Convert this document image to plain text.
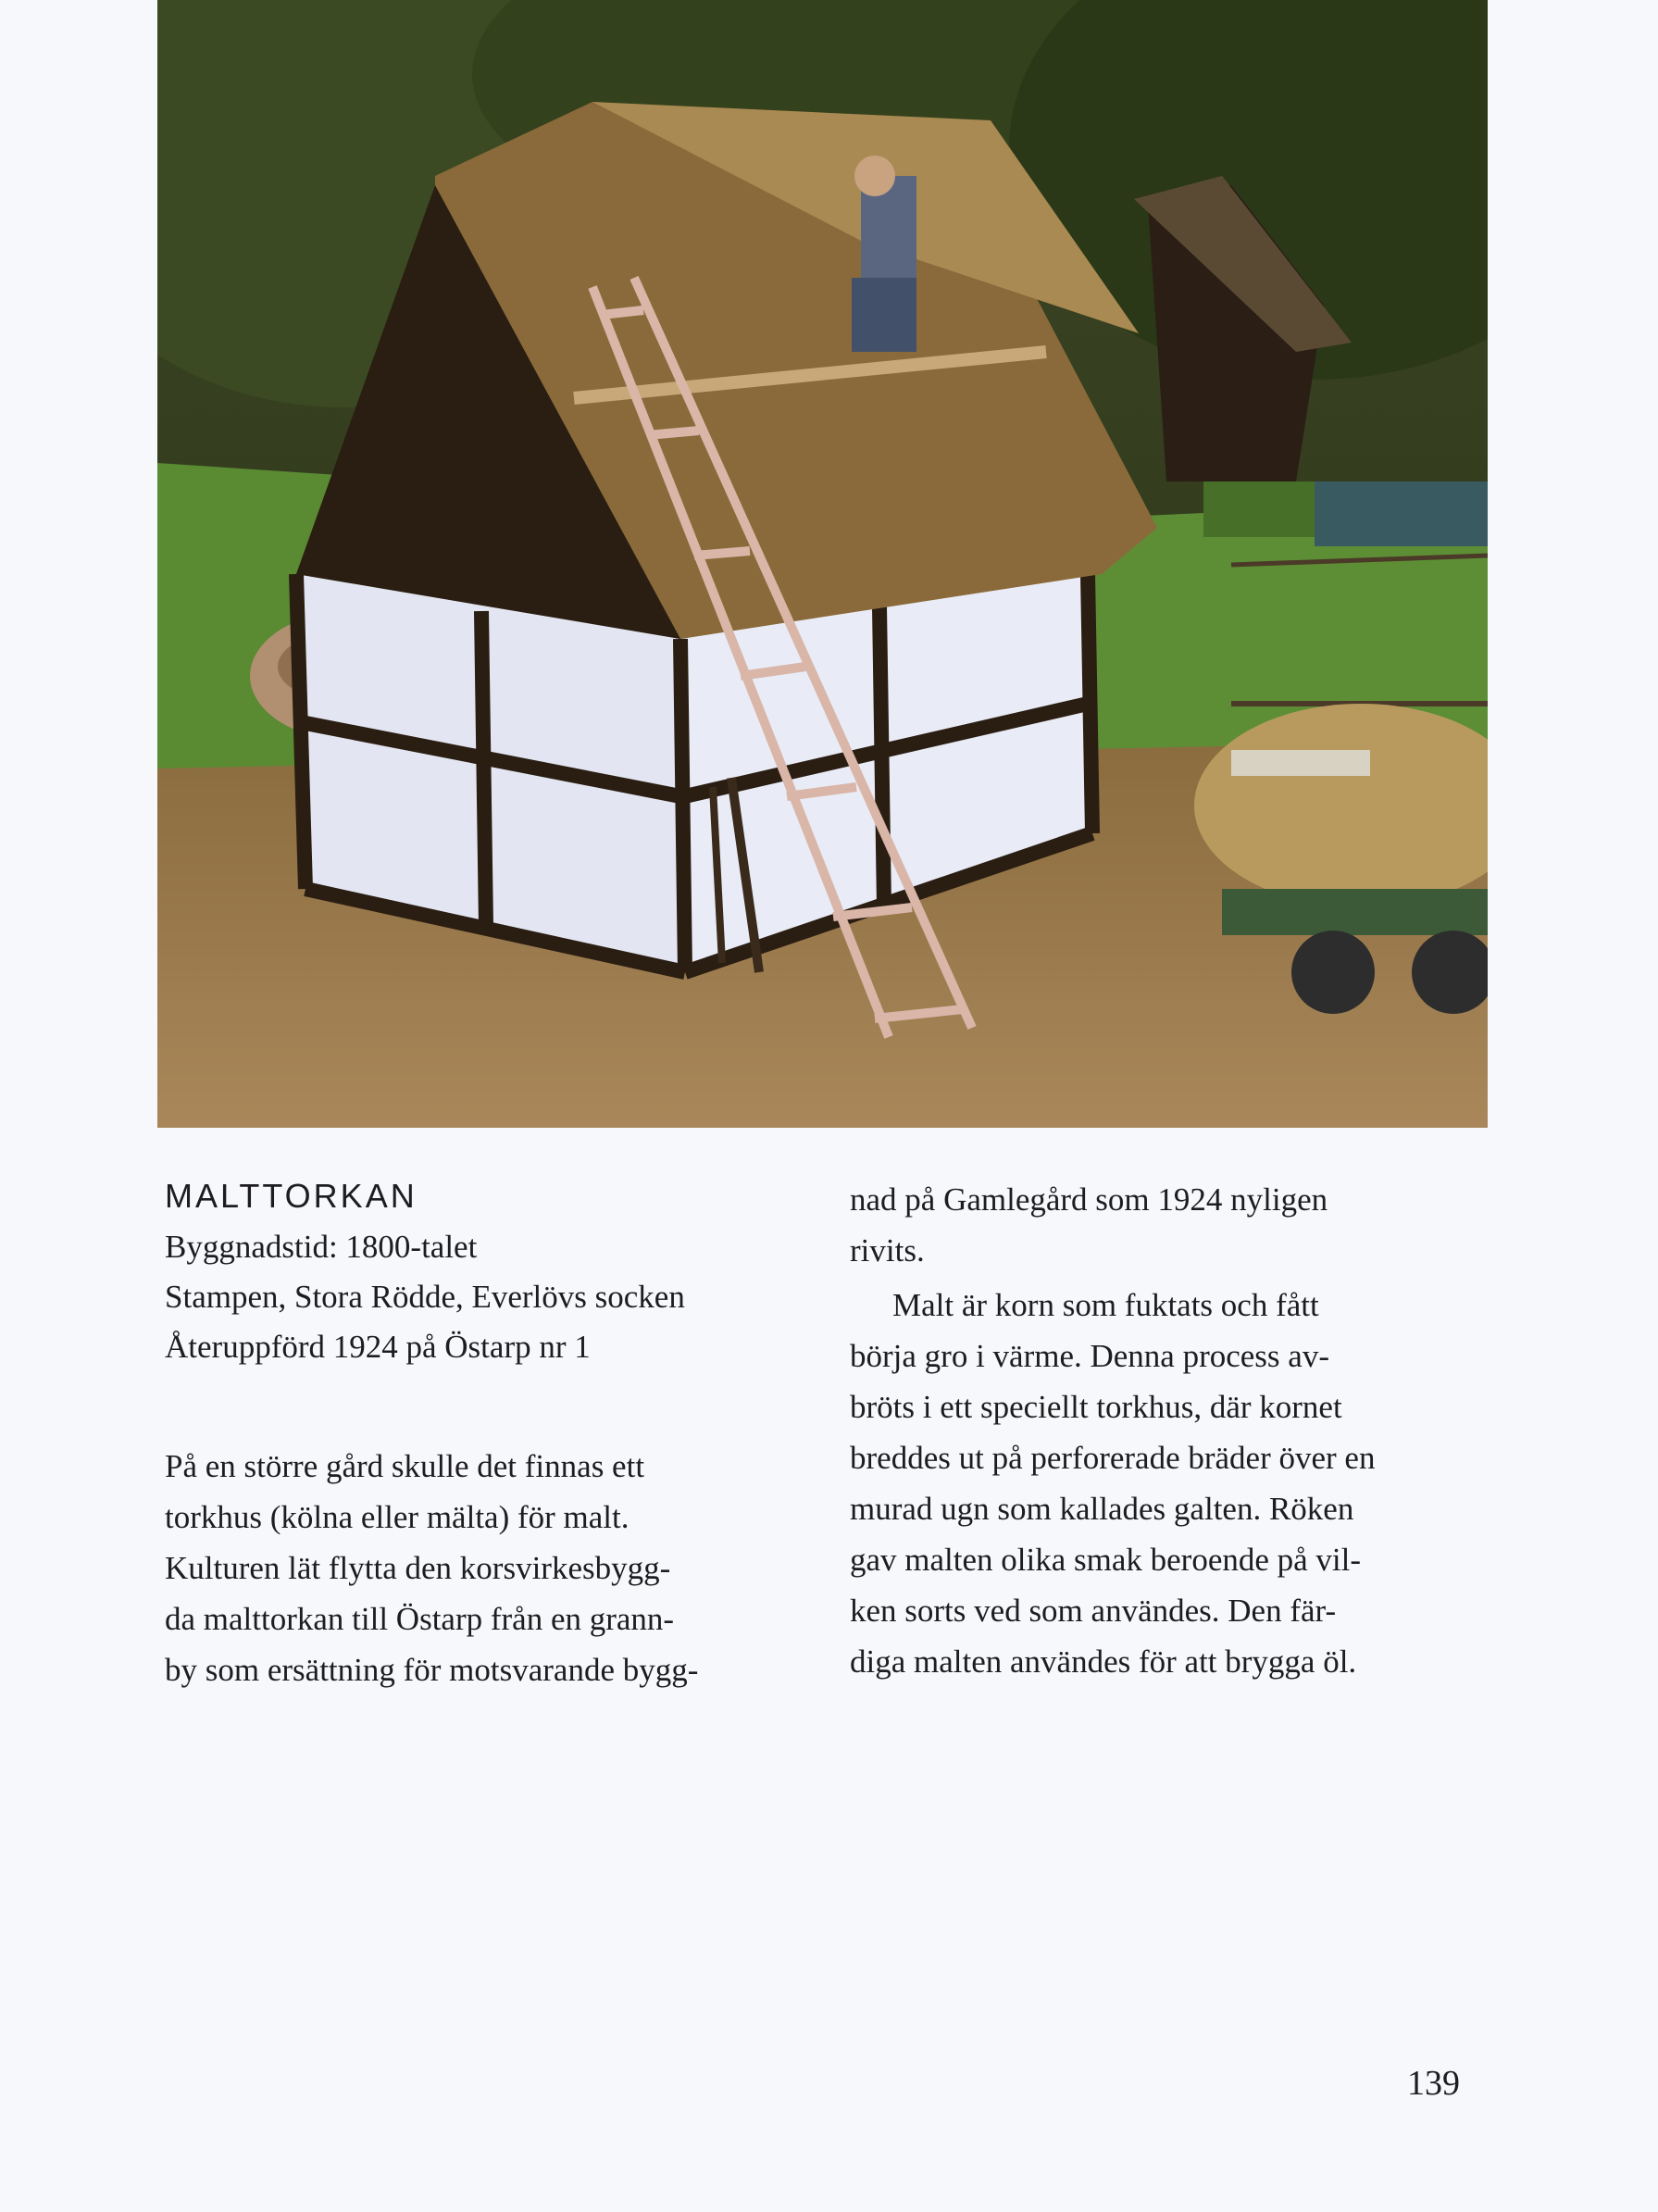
MALTTORKAN
Byggnadstid: 1800-talet
Stampen, Stora Rödde, Everlövs socken
Återuppförd 1924 på Östarp nr 1
På en större gård skulle det finnas ett
torkhus (kölna eller mälta) för malt.
Kulturen lät flytta den korsvirkesbygg-
da malttorkan till Östarp från en grann-
by som ersättning för motsvarande bygg-
nad på Gamlegård som 1924 nyligen
rivits.
Malt är korn som fuktats och fått
börja gro i värme. Denna process av-
bröts i ett speciellt torkhus, där kornet
breddes ut på perforerade bräder över en
murad ugn som kallades galten. Röken
gav malten olika smak beroende på vil-
ken sorts ved som användes. Den fär-
diga malten användes för att brygga öl.
139
